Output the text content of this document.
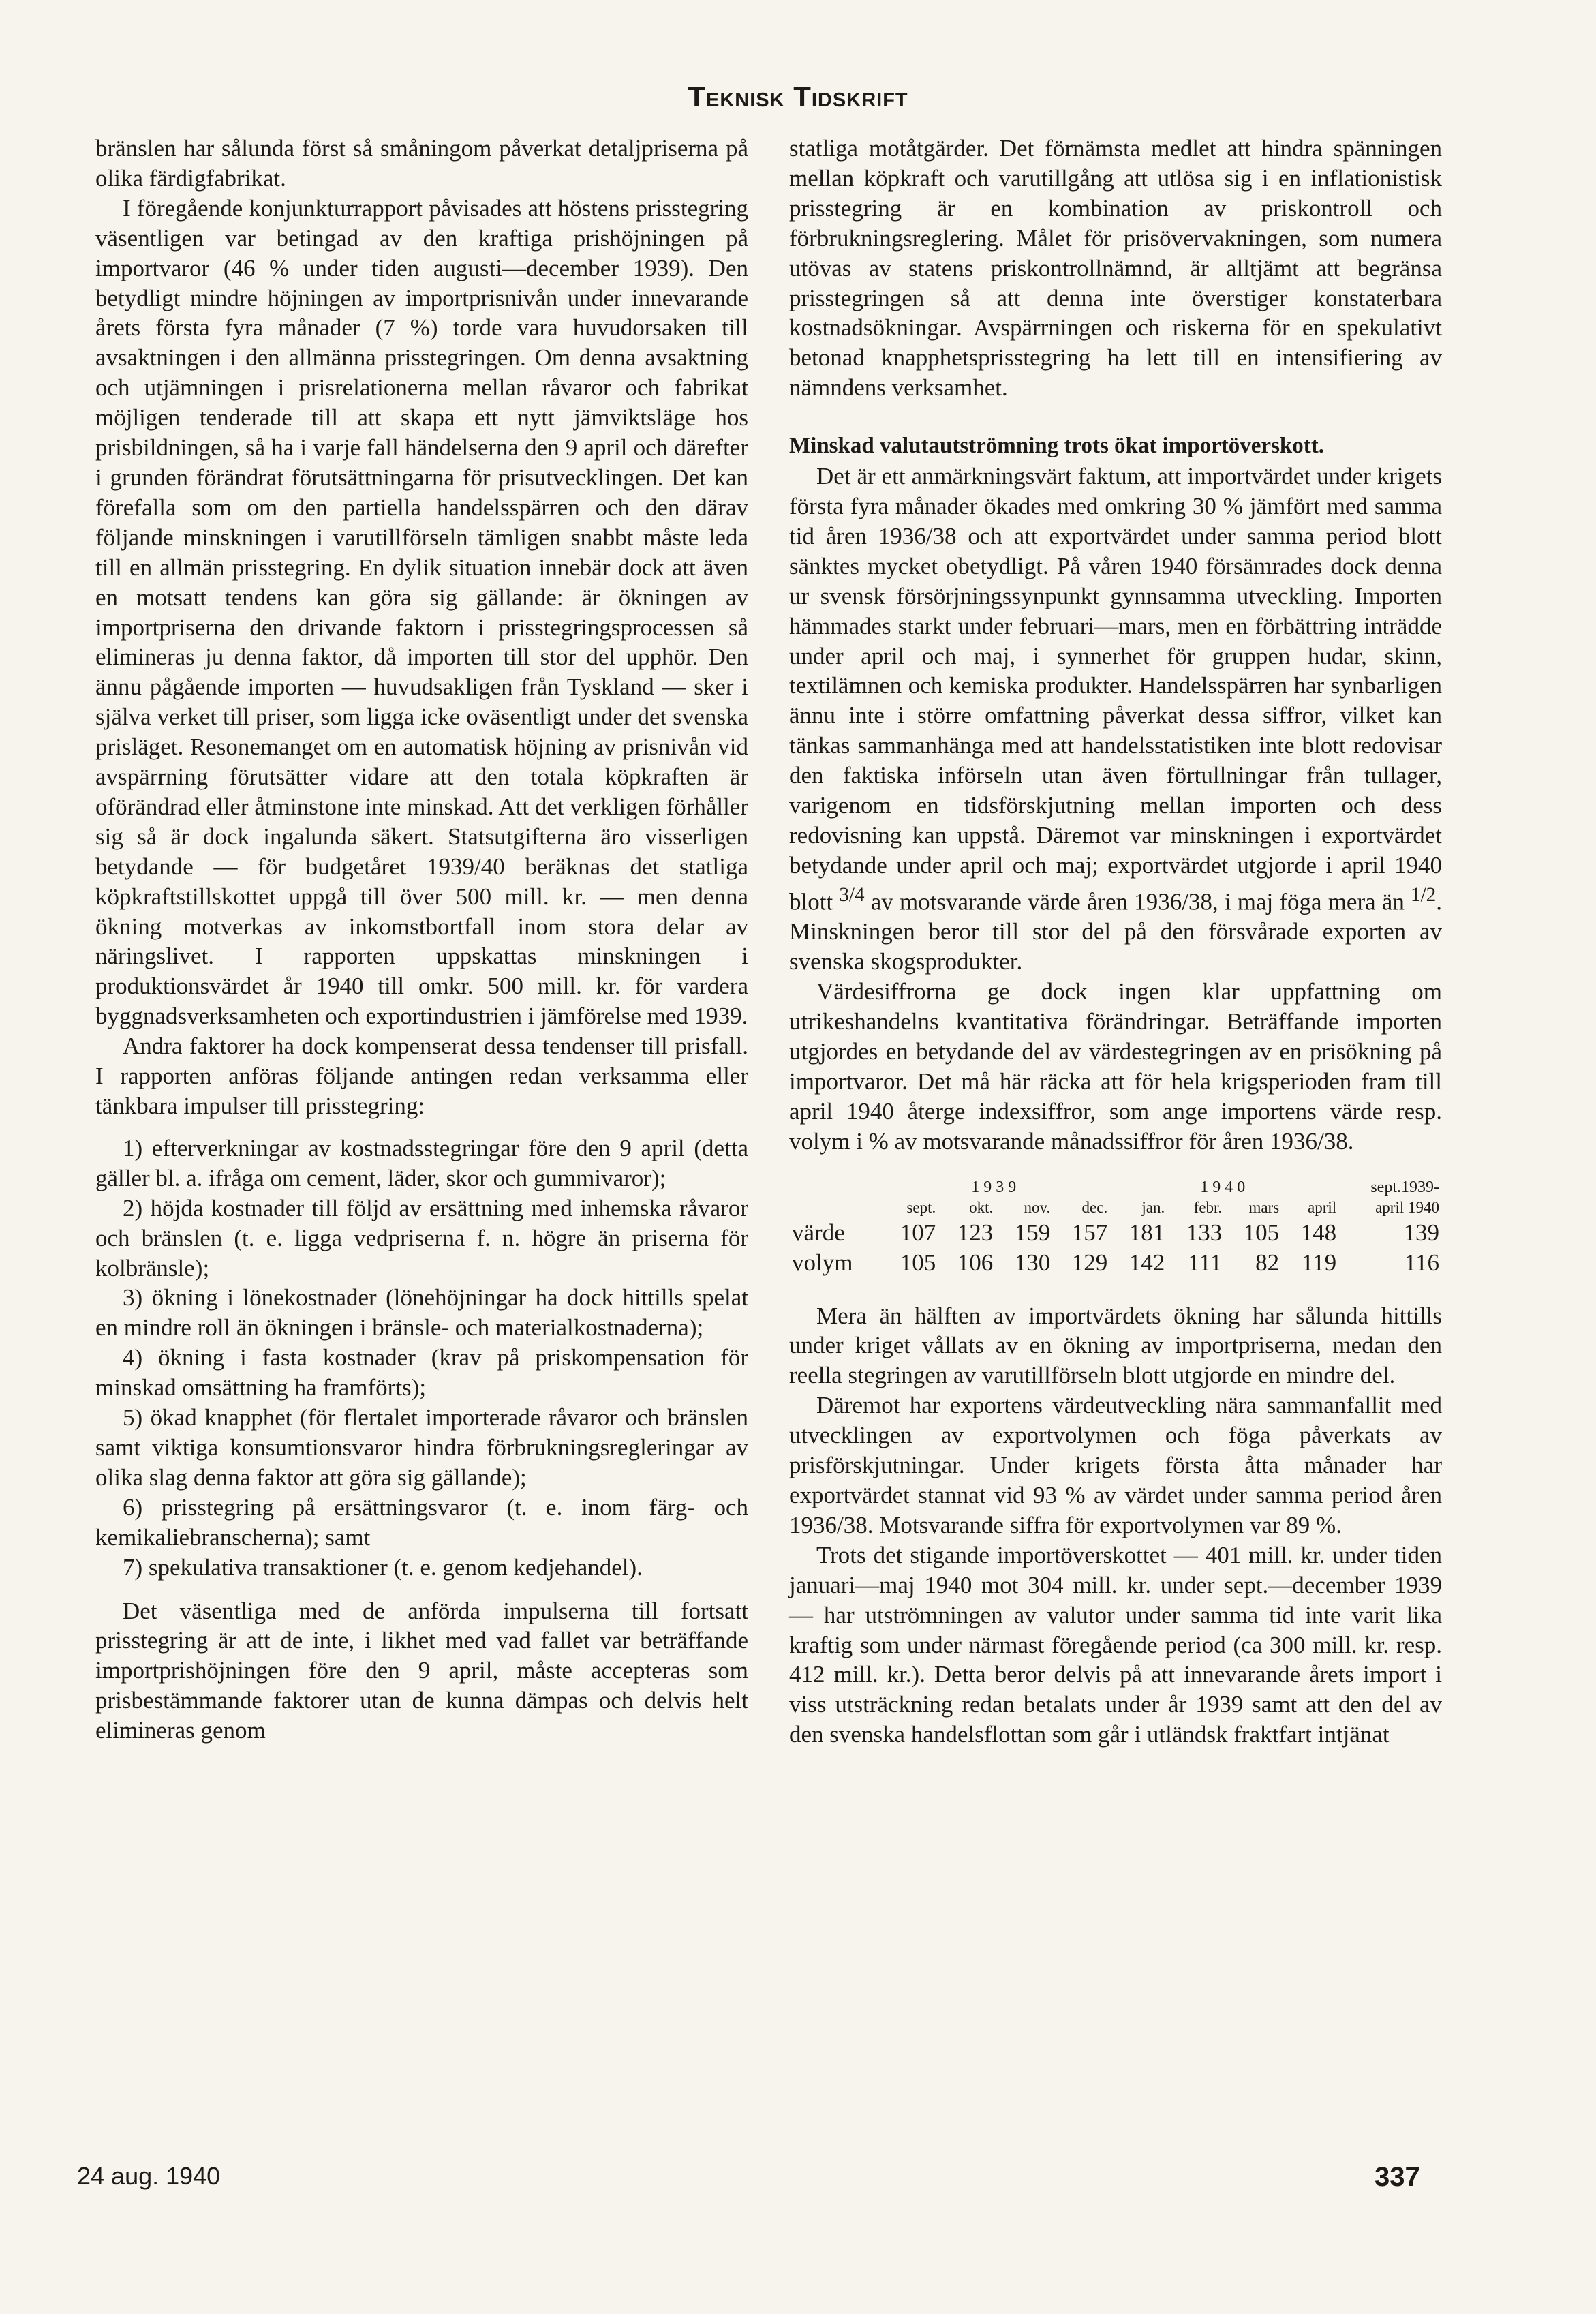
Teknisk Tidskrift

bränslen har sålunda först så småningom påverkat detaljpriserna på olika färdigfabrikat.

I föregående konjunkturrapport påvisades att höstens prisstegring väsentligen var betingad av den kraftiga prishöjningen på importvaror (46 % under tiden augusti—december 1939). Den betydligt mindre höjningen av importprisnivån under innevarande årets första fyra månader (7 %) torde vara huvudorsaken till avsaktningen i den allmänna prisstegringen. Om denna avsaktning och utjämningen i prisrelationerna mellan råvaror och fabrikat möjligen tenderade till att skapa ett nytt jämviktsläge hos prisbildningen, så ha i varje fall händelserna den 9 april och därefter i grunden förändrat förutsättningarna för prisutvecklingen. Det kan förefalla som om den partiella handelsspärren och den därav följande minskningen i varutillförseln tämligen snabbt måste leda till en allmän prisstegring. En dylik situation innebär dock att även en motsatt tendens kan göra sig gällande: är ökningen av importpriserna den drivande faktorn i prisstegringsprocessen så elimineras ju denna faktor, då importen till stor del upphör. Den ännu pågående importen — huvudsakligen från Tyskland — sker i själva verket till priser, som ligga icke oväsentligt under det svenska prisläget. Resonemanget om en automatisk höjning av prisnivån vid avspärrning förutsätter vidare att den totala köpkraften är oförändrad eller åtminstone inte minskad. Att det verkligen förhåller sig så är dock ingalunda säkert. Statsutgifterna äro visserligen betydande — för budgetåret 1939/40 beräknas det statliga köpkraftstillskottet uppgå till över 500 mill. kr. — men denna ökning motverkas av inkomstbortfall inom stora delar av näringslivet. I rapporten uppskattas minskningen i produktionsvärdet år 1940 till omkr. 500 mill. kr. för vardera byggnadsverksamheten och exportindustrien i jämförelse med 1939.

Andra faktorer ha dock kompenserat dessa tendenser till prisfall. I rapporten anföras följande antingen redan verksamma eller tänkbara impulser till prisstegring:

1) efterverkningar av kostnadsstegringar före den 9 april (detta gäller bl. a. ifråga om cement, läder, skor och gummivaror);

2) höjda kostnader till följd av ersättning med inhemska råvaror och bränslen (t. e. ligga vedpriserna f. n. högre än priserna för kolbränsle);

3) ökning i lönekostnader (lönehöjningar ha dock hittills spelat en mindre roll än ökningen i bränsle- och materialkostnaderna);

4) ökning i fasta kostnader (krav på priskompensation för minskad omsättning ha framförts);

5) ökad knapphet (för flertalet importerade råvaror och bränslen samt viktiga konsumtionsvaror hindra förbrukningsregleringar av olika slag denna faktor att göra sig gällande);

6) prisstegring på ersättningsvaror (t. e. inom färg- och kemikaliebranscherna); samt

7) spekulativa transaktioner (t. e. genom kedjehandel).

Det väsentliga med de anförda impulserna till fortsatt prisstegring är att de inte, i likhet med vad fallet var beträffande importprishöjningen före den 9 april, måste accepteras som prisbestämmande faktorer utan de kunna dämpas och delvis helt elimineras genom

statliga motåtgärder. Det förnämsta medlet att hindra spänningen mellan köpkraft och varutillgång att utlösa sig i en inflationistisk prisstegring är en kombination av priskontroll och förbrukningsreglering. Målet för prisövervakningen, som numera utövas av statens priskontrollnämnd, är alltjämt att begränsa prisstegringen så att denna inte överstiger konstaterbara kostnadsökningar. Avspärrningen och riskerna för en spekulativt betonad knapphetsprisstegring ha lett till en intensifiering av nämndens verksamhet.

Minskad valutautströmning trots ökat importöverskott.

Det är ett anmärkningsvärt faktum, att importvärdet under krigets första fyra månader ökades med omkring 30 % jämfört med samma tid åren 1936/38 och att exportvärdet under samma period blott sänktes mycket obetydligt. På våren 1940 försämrades dock denna ur svensk försörjningssynpunkt gynnsamma utveckling. Importen hämmades starkt under februari—mars, men en förbättring inträdde under april och maj, i synnerhet för gruppen hudar, skinn, textilämnen och kemiska produkter. Handelsspärren har synbarligen ännu inte i större omfattning påverkat dessa siffror, vilket kan tänkas sammanhänga med att handelsstatistiken inte blott redovisar den faktiska införseln utan även förtullningar från tullager, varigenom en tidsförskjutning mellan importen och dess redovisning kan uppstå. Däremot var minskningen i exportvärdet betydande under april och maj; exportvärdet utgjorde i april 1940 blott $^{3/4}$ av motsvarande värde åren 1936/38, i maj föga mera än $^{1/2}$. Minskningen beror till stor del på den försvårade exporten av svenska skogsprodukter.

Värdesiffrorna ge dock ingen klar uppfattning om utrikeshandelns kvantitativa förändringar. Beträffande importen utgjordes en betydande del av värdestegringen av en prisökning på importvaror. Det må här räcka att för hela krigsperioden fram till april 1940 återge indexsiffror, som ange importens värde resp. volym i % av motsvarande månadssiffror för åren 1936/38.

	1939				1940				sept.1939-
	sept.	okt.	nov.	dec.	jan.	febr.	mars	april	april 1940
värde	107	123	159	157	181	133	105	148	139
volym	105	106	130	129	142	111	82	119	116

Mera än hälften av importvärdets ökning har sålunda hittills under kriget vållats av en ökning av importpriserna, medan den reella stegringen av varutillförseln blott utgjorde en mindre del.

Däremot har exportens värdeutveckling nära sammanfallit med utvecklingen av exportvolymen och föga påverkats av prisförskjutningar. Under krigets första åtta månader har exportvärdet stannat vid 93 % av värdet under samma period åren 1936/38. Motsvarande siffra för exportvolymen var 89 %.

Trots det stigande importöverskottet — 401 mill. kr. under tiden januari—maj 1940 mot 304 mill. kr. under sept.—december 1939 — har utströmningen av valutor under samma tid inte varit lika kraftig som under närmast föregående period (ca 300 mill. kr. resp. 412 mill. kr.). Detta beror delvis på att innevarande årets import i viss utsträckning redan betalats under år 1939 samt att den del av den svenska handelsflottan som går i utländsk fraktfart intjänat

24 aug. 1940	337
